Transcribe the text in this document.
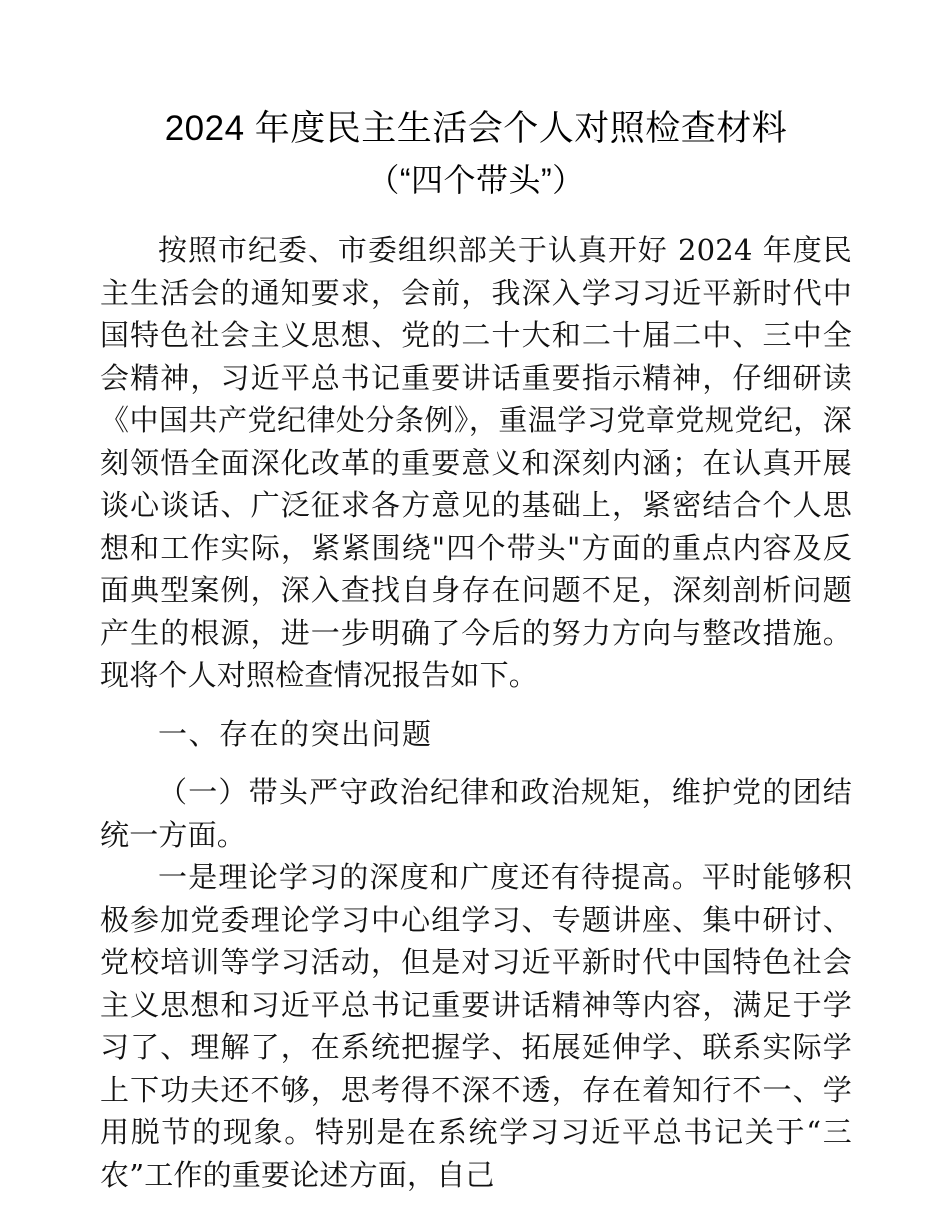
2024 年度民主生活会个人对照检查材料
（“四个带头”）

按照市纪委、市委组织部关于认真开好 2024 年度民主生活会的通知要求，会前，我深入学习习近平新时代中国特色社会主义思想、党的二十大和二十届二中、三中全会精神，习近平总书记重要讲话重要指示精神，仔细研读《中国共产党纪律处分条例》，重温学习党章党规党纪，深刻领悟全面深化改革的重要意义和深刻内涵；在认真开展谈心谈话、广泛征求各方意见的基础上，紧密结合个人思想和工作实际，紧紧围绕"四个带头"方面的重点内容及反面典型案例，深入查找自身存在问题不足，深刻剖析问题产生的根源，进一步明确了今后的努力方向与整改措施。现将个人对照检查情况报告如下。

一、存在的突出问题

（一）带头严守政治纪律和政治规矩，维护党的团结统一方面。

一是理论学习的深度和广度还有待提高。平时能够积极参加党委理论学习中心组学习、专题讲座、集中研讨、党校培训等学习活动，但是对习近平新时代中国特色社会主义思想和习近平总书记重要讲话精神等内容，满足于学习了、理解了，在系统把握学、拓展延伸学、联系实际学上下功夫还不够，思考得不深不透，存在着知行不一、学用脱节的现象。特别是在系统学习习近平总书记关于“三农”工作的重要论述方面，自己
